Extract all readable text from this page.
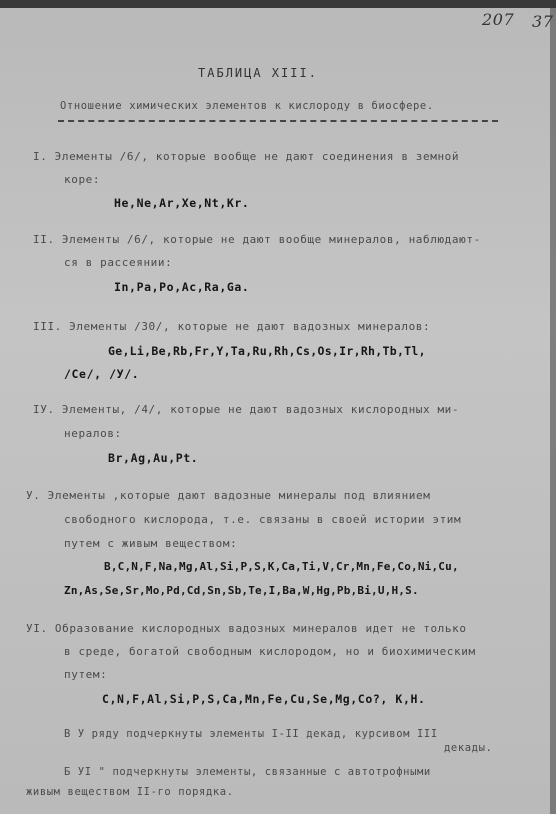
207 37
ТАБЛИЦА XIII.
Отношение химических элементов к кислороду в биосфере.
I. Элементы /6/, которые вообще не дают соединения в земной
коре:
He,Ne,Ar,Xe,Nt,Kr.
II. Элементы /6/, которые не дают вообще минералов, наблюдают-
ся в рассеянии:
In,Pa,Po,Ac,Ra,Ga.
III. Элементы /30/, которые не дают вадозных минералов:
Ge,Li,Be,Rb,Fr,Y,Ta,Ru,Rh,Cs,Os,Ir,Rh,Tb,Tl,
/Ce/, /У/.
IУ. Элементы, /4/, которые не дают вадозных кислородных ми-
нералов:
Br,Ag,Au,Pt.
У. Элементы ,которые дают вадозные минералы под влиянием
свободного кислорода, т.е. связаны в своей истории этим
путем с живым веществом:
B,C,N,F,Na,Mg,Al,Si,P,S,K,Ca,Ti,V,Cr,Mn,Fe,Co,Ni,Cu,
Zn,As,Se,Sr,Mo,Pd,Cd,Sn,Sb,Te,I,Ba,W,Hg,Pb,Bi,U,H,S.
УI. Образование кислородных вадозных минералов идет не только
в среде, богатой свободным кислородом, но и биохимическим
путем:
C,N,F,Al,Si,P,S,Ca,Mn,Fe,Cu,Se,Mg,Co?, K,H.
В У ряду подчеркнуты элементы I-II декад, курсивом III
декады.
Б УI " подчеркнуты элементы, связанные с автотрофными
живым веществом II-го порядка.
